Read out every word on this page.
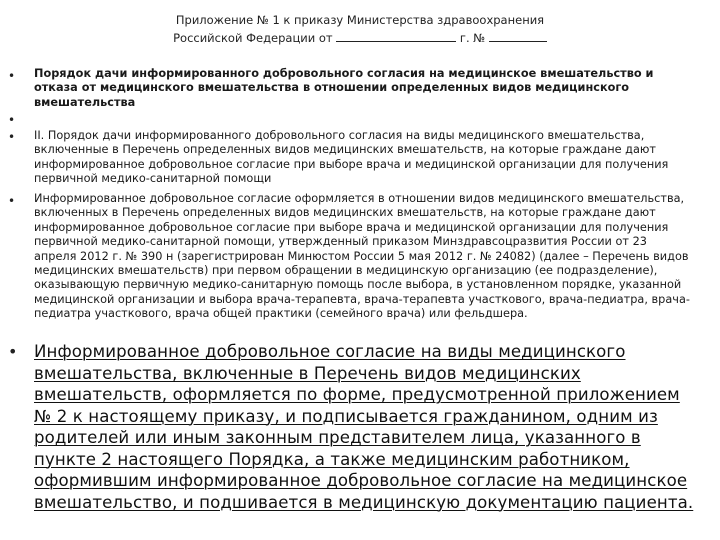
Приложение № 1 к приказу Министерства здравоохранения
Российской Федерации от	г. №
•
•
•
•
•
Порядок дачи информированного добровольного согласия на медицинское вмешательство и отказа от медицинского вмешательства в отношении определенных видов медицинского вмешательства
II. Порядок дачи информированного добровольного согласия на виды медицинского вмешательства, включенные в Перечень определенных видов медицинских вмешательств, на которые граждане дают информированное добровольное согласие при выборе врача и медицинской организации для получения первичной медико-санитарной помощи
Информированное добровольное согласие оформляется в отношении видов медицинского вмешательства, включенных в Перечень определенных видов медицинских вмешательств, на которые граждане дают информированное добровольное согласие при выборе врача и медицинской организации для получения первичной медико-санитарной помощи, утвержденный приказом Минздравсоцразвития России от 23 апреля 2012 г. № 390 н (зарегистрирован Минюстом России 5 мая 2012 г. № 24082) (далее – Перечень видов медицинских вмешательств) при первом обращении в медицинскую организацию (ее подразделение), оказывающую первичную медико-санитарную помощь после выбора, в установленном порядке, указанной медицинской организации и выбора врача-терапевта, врача-терапевта участкового, врача-педиатра, врача-педиатра участкового, врача общей практики (семейного врача) или фельдшера.
Информированное добровольное согласие на виды медицинского вмешательства, включенные в Перечень видов медицинских вмешательств, оформляется по форме, предусмотренной приложением № 2 к настоящему приказу, и подписывается гражданином, одним из родителей или иным законным представителем лица, указанного в пункте 2 настоящего Порядка, а также медицинским работником, оформившим информированное добровольное согласие на медицинское вмешательство, и подшивается в медицинскую документацию пациента.
